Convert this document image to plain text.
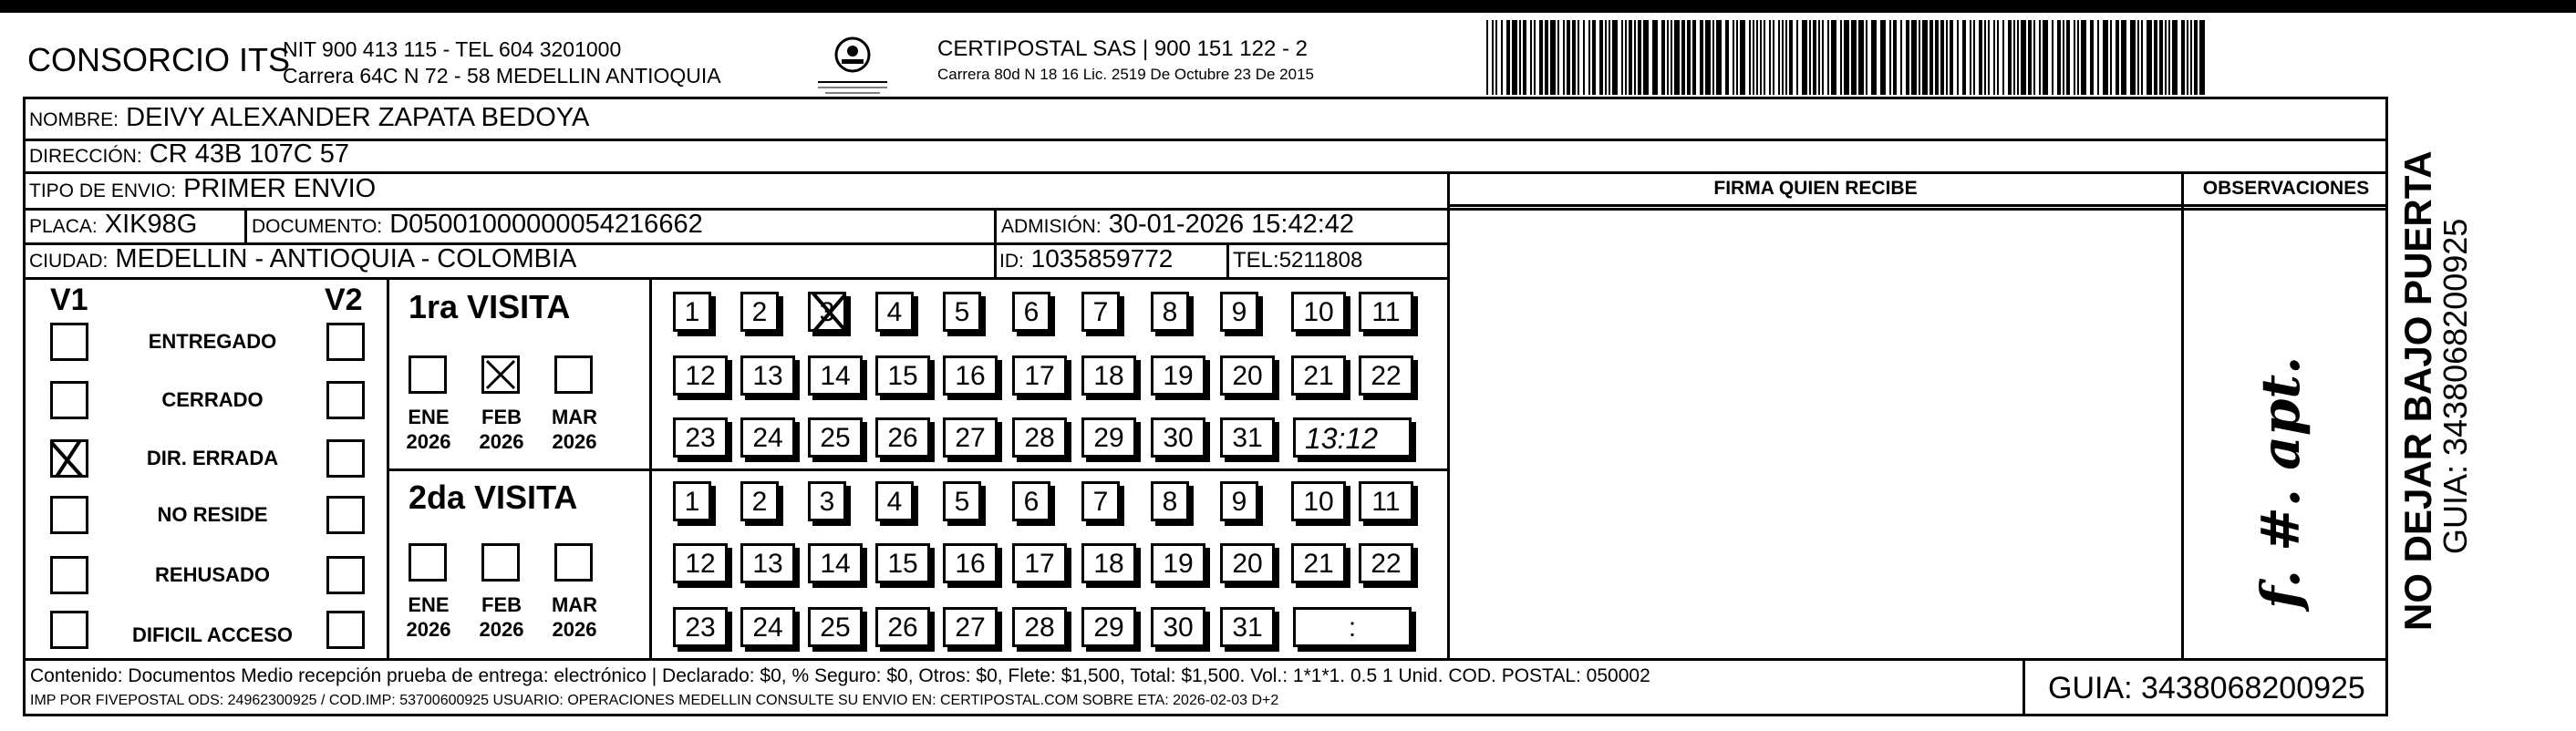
CONSORCIO ITS
NIT 900 413 115 - TEL 604 3201000
Carrera 64C N 72 - 58 MEDELLIN ANTIOQUIA
CERTIPOSTAL SAS | 900 151 122 - 2
Carrera 80d N 18 16 Lic. 2519 De Octubre 23 De 2015
NOMBRE: DEIVY ALEXANDER ZAPATA BEDOYA
DIRECCIÓN: CR 43B 107C 57
TIPO DE ENVIO: PRIMER ENVIO	FIRMA QUIEN RECIBE	OBSERVACIONES
PLACA: XIK98G	DOCUMENTO: D05001000000054216662	ADMISIÓN: 30-01-2026 15:42:42
CIUDAD: MEDELLIN - ANTIOQUIA - COLOMBIA	ID: 1035859772	TEL:5211808
V1	V2
ENTREGADO
CERRADO
DIR. ERRADA
NO RESIDE
REHUSADO
DIFICIL ACCESO
1ra VISITA
ENE
2026
FEB
2026
MAR
2026
1	2	3	4	5	6	7	8	9	10	11
12	13	14	15	16	17	18	19	20	21	22
23	24	25	26	27	28	29	30	31	13:12
2da VISITA
ENE
2026
FEB
2026
MAR
2026
1	2	3	4	5	6	7	8	9	10	11
12	13	14	15	16	17	18	19	20	21	22
23	24	25	26	27	28	29	30	31	:
f. #. apt.
Contenido: Documentos Medio recepción prueba de entrega: electrónico | Declarado: $0, % Seguro: $0, Otros: $0, Flete: $1,500, Total: $1,500. Vol.: 1*1*1. 0.5 1 Unid. COD. POSTAL: 050002
IMP POR FIVEPOSTAL ODS: 24962300925 / COD.IMP: 53700600925 USUARIO: OPERACIONES MEDELLIN CONSULTE SU ENVIO EN: CERTIPOSTAL.COM SOBRE ETA: 2026-02-03 D+2	GUIA: 3438068200925
NO DEJAR BAJO PUERTA
GUIA: 3438068200925
